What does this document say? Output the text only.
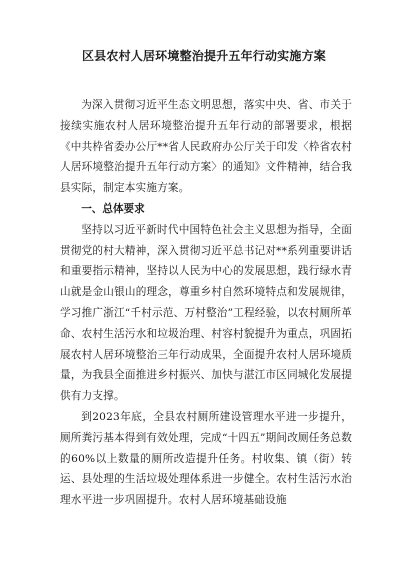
区县农村人居环境整治提升五年行动实施方案

为深入贯彻习近平生态文明思想，落实中央、省、市关于接续实施农村人居环境整治提升五年行动的部署要求，根据《中共枠省委办公厅**省人民政府办公厅关于印发〈枠省农村人居环境整治提升五年行动方案〉的通知》文件精神，结合我县实际，制定本实施方案。

一、总体要求

坚持以习近平新时代中国特色社会主义思想为指导，全面贯彻党的村大精神，深入贯彻习近平总书记对**系列重要讲话和重要指示精神，坚持以人民为中心的发展思想，践行绿水青山就是金山银山的理念，尊重乡村自然环境特点和发展规律，学习推广浙江“千村示范、万村整治”工程经验，以农村厕所革命、农村生活污水和垃圾治理、村容村貌提升为重点，巩固拓展农村人居环境整治三年行动成果，全面提升农村人居环境质量，为我县全面推进乡村振兴、加快与湛江市区同城化发展提供有力支撑。

到2023年底，全县农村厕所建设管理水平进一步提升，厕所粪污基本得到有效处理，完成“十四五”期间改厕任务总数的60%以上数量的厕所改造提升任务。村收集、镇（街）转运、县处理的生活垃圾处理体系进一步健全。农村生活污水治理水平进一步巩固提升。农村人居环境基础设施
